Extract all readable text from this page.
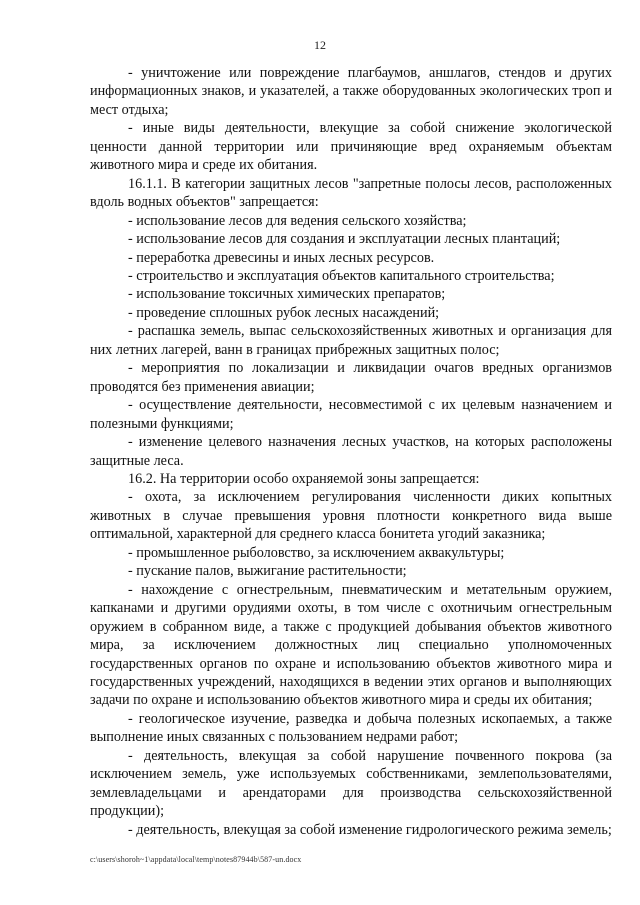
12

- уничтожение или повреждение плагбаумов, аншлагов, стендов и других информационных знаков, и указателей, а также оборудованных экологических троп и мест отдыха;

- иные виды деятельности, влекущие за собой снижение экологической ценности данной территории или причиняющие вред охраняемым объектам животного мира и среде их обитания.

16.1.1. В категории защитных лесов "запретные полосы лесов, расположенных вдоль водных объектов" запрещается:

- использование лесов для ведения сельского хозяйства;

- использование лесов для создания и эксплуатации лесных плантаций;

- переработка древесины и иных лесных ресурсов.

- строительство и эксплуатация объектов капитального строительства;

- использование токсичных химических препаратов;

- проведение сплошных рубок лесных насаждений;

- распашка земель, выпас сельскохозяйственных животных и организация для них летних лагерей, ванн в границах прибрежных защитных полос;

- мероприятия по локализации и ликвидации очагов вредных организмов проводятся без применения авиации;

- осуществление деятельности, несовместимой с их целевым назначением и полезными функциями;

- изменение целевого назначения лесных участков, на которых расположены защитные леса.

16.2. На территории особо охраняемой зоны запрещается:

- охота, за исключением регулирования численности диких копытных животных в случае превышения уровня плотности конкретного вида выше оптимальной, характерной для среднего класса бонитета угодий заказника;

- промышленное рыболовство, за исключением аквакультуры;

- пускание палов, выжигание растительности;

- нахождение с огнестрельным, пневматическим и метательным оружием, капканами и другими орудиями охоты, в том числе с охотничьим огнестрельным оружием в собранном виде, а также с продукцией добывания объектов животного мира, за исключением должностных лиц специально уполномоченных государственных органов по охране и использованию объектов животного мира и государственных учреждений, находящихся в ведении этих органов и выполняющих задачи по охране и использованию объектов животного мира и среды их обитания;

- геологическое изучение, разведка и добыча полезных ископаемых, а также выполнение иных связанных с пользованием недрами работ;

- деятельность, влекущая за собой нарушение почвенного покрова (за исключением земель, уже используемых собственниками, землепользователями, землевладельцами и арендаторами для производства сельскохозяйственной продукции);

- деятельность, влекущая за собой изменение гидрологического режима земель;

c:\users\shoroh~1\appdata\local\temp\notes87944b\587-un.docx
